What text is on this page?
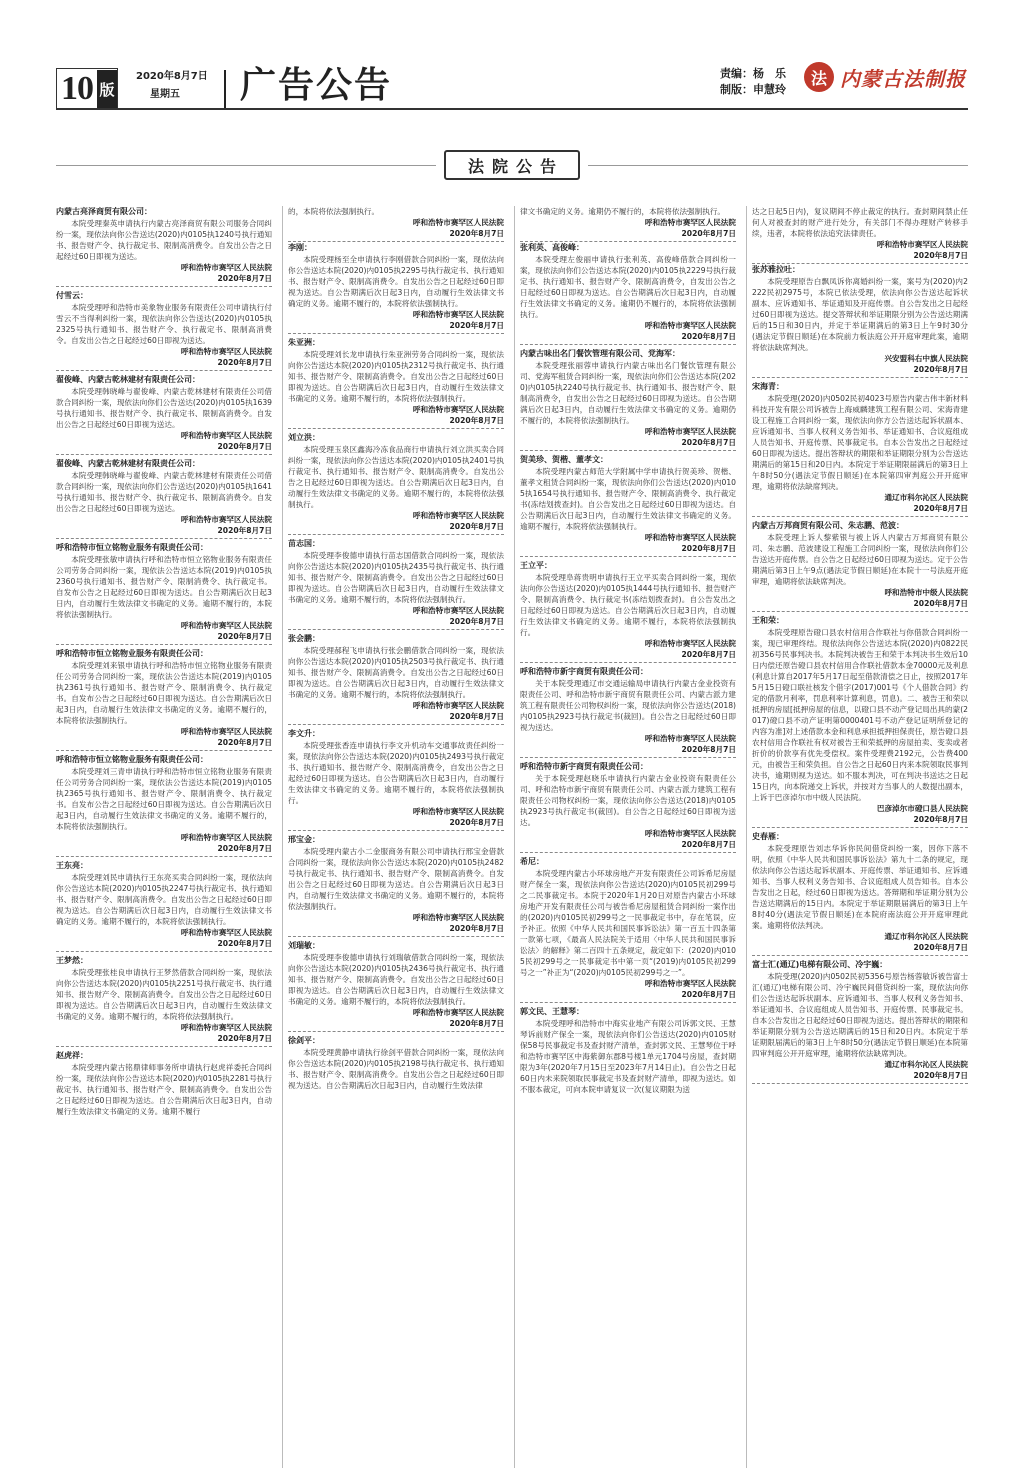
10 版
2020年8月7日
星期五 广告公告	责编：杨　乐
制版：申慧玲
法 内蒙古法制报
法院公告
内蒙古亮泽商贸有限公司：
本院受理秦英申请执行内蒙古亮泽商贸有限公司服务合同纠纷一案，现依法向你公告送达(2020)内0105执1240号执行通知书、报告财产令、执行裁定书、限制高消费令。自发出公告之日起经过60日即视为送达。
呼和浩特市赛罕区人民法院
2020年8月7日
付雪云：
本院受理呼和浩特市美象物业服务有限责任公司申请执行付雪云不当得利纠纷一案，现依法向你公告送达(2020)内0105执2325号执行通知书、报告财产令、执行裁定书、限制高消费令。自发出公告之日起经过60日即视为送达。
呼和浩特市赛罕区人民法院
2020年8月7日
翟俊峰、内蒙古乾林建材有限责任公司：
本院受理韩晓峰与翟俊峰、内蒙古乾林建材有限责任公司借款合同纠纷一案，现依法向你们公告送达(2020)内0105执1639号执行通知书、报告财产令、执行裁定书、限制高消费令。自发出公告之日起经过60日即视为送达。
呼和浩特市赛罕区人民法院
2020年8月7日
翟俊峰、内蒙古乾林建材有限责任公司：
本院受理韩晓峰与翟俊峰、内蒙古乾林建材有限责任公司借款合同纠纷一案，现依法向你们公告送达(2020)内0105执1641号执行通知书、报告财产令、执行裁定书、限制高消费令。自发出公告之日起经过60日即视为送达。
呼和浩特市赛罕区人民法院
2020年8月7日
呼和浩特市恒立铭物业服务有限责任公司：
本院受理张敏申请执行呼和浩特市恒立铭物业服务有限责任公司劳务合同纠纷一案，现依法公告送达本院(2019)内0105执2360号执行通知书、报告财产令、限制消费令、执行裁定书。自发布公告之日起经过60日即视为送达。自公告期满后次日起3日内，自动履行生效法律文书确定的义务。逾期不履行的，本院将依法强制执行。
呼和浩特市赛罕区人民法院
2020年8月7日
呼和浩特市恒立铭物业服务有限责任公司：
本院受理刘来银申请执行呼和浩特市恒立铭物业服务有限责任公司劳务合同纠纷一案，现依法公告送达本院(2019)内0105执2361号执行通知书、报告财产令、限制消费令、执行裁定书。自发布公告之日起经过60日即视为送达。自公告期满后次日起3日内，自动履行生效法律文书确定的义务。逾期不履行的，本院将依法强制执行。
呼和浩特市赛罕区人民法院
2020年8月7日
呼和浩特市恒立铭物业服务有限责任公司：
本院受理刘三青申请执行呼和浩特市恒立铭物业服务有限责任公司劳务合同纠纷一案，现依法公告送达本院(2019)内0105执2365号执行通知书、报告财产令、限制消费令、执行裁定书。自发布公告之日起经过60日即视为送达。自公告期满后次日起3日内，自动履行生效法律文书确定的义务。逾期不履行的，本院将依法强制执行。
呼和浩特市赛罕区人民法院
2020年8月7日
王东亮：
本院受理刘民申请执行王东亮买卖合同纠纷一案，现依法向你公告送达本院(2020)内0105执2247号执行裁定书、执行通知书、报告财产令、限制高消费令。自发出公告之日起经过60日即视为送达。自公告期满后次日起3日内，自动履行生效法律文书确定的义务。逾期不履行的，本院将依法强制执行。
呼和浩特市赛罕区人民法院
2020年8月7日
王梦然：
本院受理张桂良申请执行王梦然借款合同纠纷一案，现依法向你公告送达本院(2020)内0105执2251号执行裁定书、执行通知书、报告财产令、限制高消费令。自发出公告之日起经过60日即视为送达。自公告期满后次日起3日内，自动履行生效法律文书确定的义务。逾期不履行的，本院将依法强制执行。
呼和浩特市赛罕区人民法院
2020年8月7日
赵虎祥：
本院受理内蒙古铭鼎律师事务所申请执行赵虎祥委托合同纠纷一案，现依法向你公告送达本院(2020)内0105执2281号执行裁定书、执行通知书、报告财产令、限制高消费令。自发出公告之日起经过60日即视为送达。自公告期满后次日起3日内，自动履行生效法律文书确定的义务。逾期不履行
的，本院将依法强制执行。
呼和浩特市赛罕区人民法院
2020年8月7日
李刚：
本院受理杨至全申请执行李刚借款合同纠纷一案，现依法向你公告送达本院(2020)内0105执2295号执行裁定书、执行通知书、报告财产令、限制高消费令。自发出公告之日起经过60日即视为送达。自公告期满后次日起3日内，自动履行生效法律文书确定的义务。逾期不履行的，本院将依法强制执行。
呼和浩特市赛罕区人民法院
2020年8月7日
朱亚洲：
本院受理刘长龙申请执行朱亚洲劳务合同纠纷一案，现依法向你公告送达本院(2020)内0105执2312号执行裁定书、执行通知书、报告财产令、限制高消费令。自发出公告之日起经过60日即视为送达。自公告期满后次日起3日内，自动履行生效法律文书确定的义务。逾期不履行的，本院将依法强制执行。
呼和浩特市赛罕区人民法院
2020年8月7日
刘立洪：
本院受理玉泉区鑫海冷冻食品商行申请执行刘立洪买卖合同纠纷一案，现依法向你公告送达本院(2020)内0105执2401号执行裁定书、执行通知书、报告财产令、限制高消费令。自发出公告之日起经过60日即视为送达。自公告期满后次日起3日内，自动履行生效法律文书确定的义务。逾期不履行的，本院将依法强制执行。
呼和浩特市赛罕区人民法院
2020年8月7日
苗志国：
本院受理李俊德申请执行苗志国借款合同纠纷一案，现依法向你公告送达本院(2020)内0105执2435号执行裁定书、执行通知书、报告财产令、限制高消费令。自发出公告之日起经过60日即视为送达。自公告期满后次日起3日内，自动履行生效法律文书确定的义务。逾期不履行的，本院将依法强制执行。
呼和浩特市赛罕区人民法院
2020年8月7日
张会鹏：
本院受理郝程飞申请执行张会鹏借款合同纠纷一案，现依法向你公告送达本院(2020)内0105执2503号执行裁定书、执行通知书、报告财产令、限制高消费令。自发出公告之日起经过60日即视为送达。自公告期满后次日起3日内，自动履行生效法律文书确定的义务。逾期不履行的，本院将依法强制执行。
呼和浩特市赛罕区人民法院
2020年8月7日
李文升：
本院受理张香连申请执行李文升机动车交通事故责任纠纷一案，现依法向你公告送达本院(2020)内0105执2493号执行裁定书、执行通知书、报告财产令、限制高消费令，自发出公告之日起经过60日即视为送达。自公告期满后次日起3日内，自动履行生效法律文书确定的义务。逾期不履行的，本院将依法强制执行。
呼和浩特市赛罕区人民法院
2020年8月7日
邢宝金：
本院受理内蒙古小二金服商务有限公司申请执行邢宝金借款合同纠纷一案，现依法向你公告送达本院(2020)内0105执2482号执行裁定书、执行通知书、报告财产令、限制高消费令。自发出公告之日起经过60日即视为送达。自公告期满后次日起3日内，自动履行生效法律文书确定的义务。逾期不履行的，本院将依法强制执行。
呼和浩特市赛罕区人民法院
2020年8月7日
刘瑞敏：
本院受理李俊德申请执行刘瑞敏借款合同纠纷一案，现依法向你公告送达本院(2020)内0105执2436号执行裁定书、执行通知书、报告财产令、限制高消费令。自发出公告之日起经过60日即视为送达。自公告期满后次日起3日内，自动履行生效法律文书确定的义务。逾期不履行的，本院将依法强制执行。
呼和浩特市赛罕区人民法院
2020年8月7日
徐剑平：
本院受理黄静申请执行徐剑平借款合同纠纷一案，现依法向你公告送达本院(2020)内0105执2198号执行裁定书、执行通知书、报告财产令、限制高消费令。自发出公告之日起经过60日即视为送达。自公告期满后次日起3日内，自动履行生效法律
律文书确定的义务。逾期仍不履行的，本院将依法强制执行。
呼和浩特市赛罕区人民法院
2020年8月7日
张利英、高俊峰：
本院受理左俊丽申请执行张利英、高俊峰借款合同纠纷一案，现依法向你们公告送达本院(2020)内0105执2229号执行裁定书、执行通知书、报告财产令、限制高消费令，自发出公告之日起经过60日即视为送达。自公告期满后次日起3日内，自动履行生效法律文书确定的义务。逾期仍不履行的，本院将依法强制执行。
呼和浩特市赛罕区人民法院
2020年8月7日
内蒙古味出名门餐饮管理有限公司、党海军：
本院受理张丽蓉申请执行内蒙古味出名门餐饮管理有限公司、党海军租赁合同纠纷一案，现依法向你们公告送达本院(2020)内0105执2240号执行裁定书、执行通知书、报告财产令、限制高消费令，自发出公告之日起经过60日即视为送达。自公告期满后次日起3日内，自动履行生效法律文书确定的义务。逾期仍不履行的，本院将依法强制执行。
呼和浩特市赛罕区人民法院
2020年8月7日
贺美珍、贺楷、董孝文：
本院受理内蒙古师范大学附属中学申请执行贺美珍、贺楷、董孝文租赁合同纠纷一案，现依法向你们公告送达(2020)内0105执1654号执行通知书、报告财产令、限制高消费令、执行裁定书(冻结划拨查封)。自公告发出之日起经过60日即视为送达。自公告期满后次日起3日内，自动履行生效法律文书确定的义务。逾期不履行，本院将依法强制执行。
呼和浩特市赛罕区人民法院
2020年8月7日
王立平：
本院受理阜蒋贵明申请执行王立平买卖合同纠纷一案，现依法向你公告送达(2020)内0105执1444号执行通知书、报告财产令、限制高消费令、执行裁定书(冻结划拨查封)。自公告发出之日起经过60日即视为送达。自公告期满后次日起3日内，自动履行生效法律文书确定的义务。逾期不履行，本院将依法强制执行。
呼和浩特市赛罕区人民法院
2020年8月7日
呼和浩特市新宇商贸有限责任公司：
关于本院受理通辽市交通运输局申请执行内蒙古金业投资有限责任公司、呼和浩特市新宇商贸有限责任公司、内蒙古派力建筑工程有限责任公司物权纠纷一案，现依法向你公告送达(2018)内0105执2923号执行裁定书(裁回)。自公告之日起经过60日即视为送达。
呼和浩特市赛罕区人民法院
2020年8月7日
呼和浩特市新宇商贸有限责任公司：
关于本院受理赵晓乐申请执行内蒙古金业投资有限责任公司、呼和浩特市新宇商贸有限责任公司、内蒙古派力建筑工程有限责任公司物权纠纷一案，现依法向你公告送达(2018)内0105执2923号执行裁定书(裁回)。自公告之日起经过60日即视为送达。
呼和浩特市赛罕区人民法院
2020年8月7日
希尼：
本院受理内蒙古小环球房地产开发有限责任公司诉希尼房屋财产保全一案，现依法向你公告送达(2020)内0105民初299号之二民事裁定书。本院于2020年1月20日对原告内蒙古小环球房地产开发有限责任公司与被告希尼房屋租赁合同纠纷一案作出的(2020)内0105民初299号之一民事裁定书中，存在笔误，应予补正。依照《中华人民共和国民事诉讼法》第一百五十四条第一款第七项，《最高人民法院关于适用〈中华人民共和国民事诉讼法〉的解释》第二百四十五条规定，裁定如下：(2020)内0105民初299号之一民事裁定书中第一页“(2019)内0105民初299号之一”补正为“(2020)内0105民初299号之一”。
呼和浩特市赛罕区人民法院
2020年8月7日
郭文民、王慧琴：
本院受理呼和浩特市中海实业地产有限公司诉郭文民、王慧琴诉前财产保全一案，现依法向你们公告送达(2020)内0105财保58号民事裁定书及查封财产清单，查封郭文民、王慧琴位于呼和浩特市赛罕区中海紫御东郡8号楼1单元1704号房屋，查封期限为3年(2020年7月15日至2023年7月14日止)。自公告之日起60日内未来院领取民事裁定书及查封财产清单，即视为送达。如不服本裁定，可向本院申请复议一次(复议期限为送
达之日起5日内)，复议期间不停止裁定的执行。查封期间禁止任何人对被查封的财产进行处分，有关部门不得办理财产转移手续，违者，本院将依法追究法律责任。
呼和浩特市赛罕区人民法院
2020年8月7日
张苏雅拉吐：
本院受理原告白飘凤诉你离婚纠纷一案，案号为(2020)内2222民初2975号，本院已依法受理，依法向你公告送达起诉状副本、应诉通知书、举证通知及开庭传票。自公告发出之日起经过60日即视为送达。提交答辩状和举证期限分别为公告送达期满后的15日和30日内，并定于举证期满后的第3日上午9时30分(遇法定节假日顺延)在本院前力板法庭公开开庭审理此案，逾期将依法缺席判决。
兴安盟科右中旗人民法院
2020年8月7日
宋海青：
本院受理(2020)内0502民初4023号原告内蒙古伟丰新材料科技开发有限公司诉被告上海威麟建筑工程有限公司、宋海青建设工程施工合同纠纷一案，现依法向你方公告送达起诉状副本、应诉通知书、当事人权利义务告知书、举证通知书、合议庭组成人员告知书、开庭传票、民事裁定书。自本公告发出之日起经过60日即视为送达。提出答辩状的期限和举证期限分别为公告送达期满后的第15日和20日内。本院定于举证期限届满后的第3日上午8时50分(遇法定节假日顺延)在本院第四审判庭公开开庭审理，逾期将依法缺席判决。
通辽市科尔沁区人民法院
2020年8月7日
内蒙古万邦商贸有限公司、朱志鹏、范波：
本院受理上诉人黎紫银与被上诉人内蒙古万邦商贸有限公司、朱志鹏、范波建设工程施工合同纠纷一案，现依法向你们公告送达开庭传票。自公告之日起经过60日即视为送达。定于公告期满后第3日上午9点(遇法定节假日顺延)在本院十一号法庭开庭审理，逾期将依法缺席判决。
呼和浩特市中级人民法院
2020年8月7日
王和荣：
本院受理原告磴口县农村信用合作联社与你借款合同纠纷一案，现已审理终结。现依法向你公告送达本院(2020)内0822民初356号民事判决书。本院判决被告王和荣于本判决书生效后10日内偿还原告磴口县农村信用合作联社借款本金70000元及利息(利息计算自2017年5月17日起至借款清偿之日止，按照2017年5月15日磴口联社核发个借字(2017)001号《个人借款合同》约定的借款月利率，罚息利率计算利息，罚息)。二、被告王和荣以抵押的房屋[抵押房屋的信息，以磴口县不动产登记局出具的蒙(2017)磴口县不动产证明第0000401号不动产登记证明所登记的内容为准]对上述借款本金和利息承担抵押担保责任，原告磴口县农村信用合作联社有权对被告王和荣抵押的房屋拍卖、变卖或者折价的价款享有优先受偿权。案件受理费2192元，公告费400元，由被告王和荣负担。自公告之日起60日内来本院领取民事判决书，逾期则视为送达。如不服本判决，可在判决书送达之日起15日内，向本院递交上诉状，并按对方当事人的人数提出副本，上诉于巴彦淖尔市中级人民法院。
巴彦淖尔市磴口县人民法院
2020年8月7日
史春雁：
本院受理原告刘志华诉你民间借贷纠纷一案，因你下落不明，依照《中华人民共和国民事诉讼法》第九十二条的规定，现依法向你公告送达起诉状副本、开庭传票、举证通知书、应诉通知书、当事人权利义务告知书、合议庭组成人员告知书。自本公告发出之日起，经过60日即视为送达。答辩期和举证期分别为公告送达期满后的15日内。本院定于举证期限届满后的第3日上午8时40分(遇法定节假日顺延)在本院府南法庭公开开庭审理此案。逾期将依法判决。
通辽市科尔沁区人民法院
2020年8月7日
富士汇(通辽)电梯有限公司、冷宇巍：
本院受理(2020)内0502民初5356号原告杨蓉敏诉被告富士汇(通辽)电梯有限公司、冷宇巍民间借贷纠纷一案，现依法向你们公告送达起诉状副本、应诉通知书、当事人权利义务告知书、举证通知书、合议庭组成人员告知书、开庭传票、民事裁定书。自本公告发出之日起经过60日即视为送达。提出答辩状的期限和举证期限分别为公告送达期满后的15日和20日内。本院定于举证期限届满后的第3日上午8时50分(遇法定节假日顺延)在本院第四审判庭公开开庭审理，逾期将依法缺席判决。
通辽市科尔沁区人民法院
2020年8月7日
